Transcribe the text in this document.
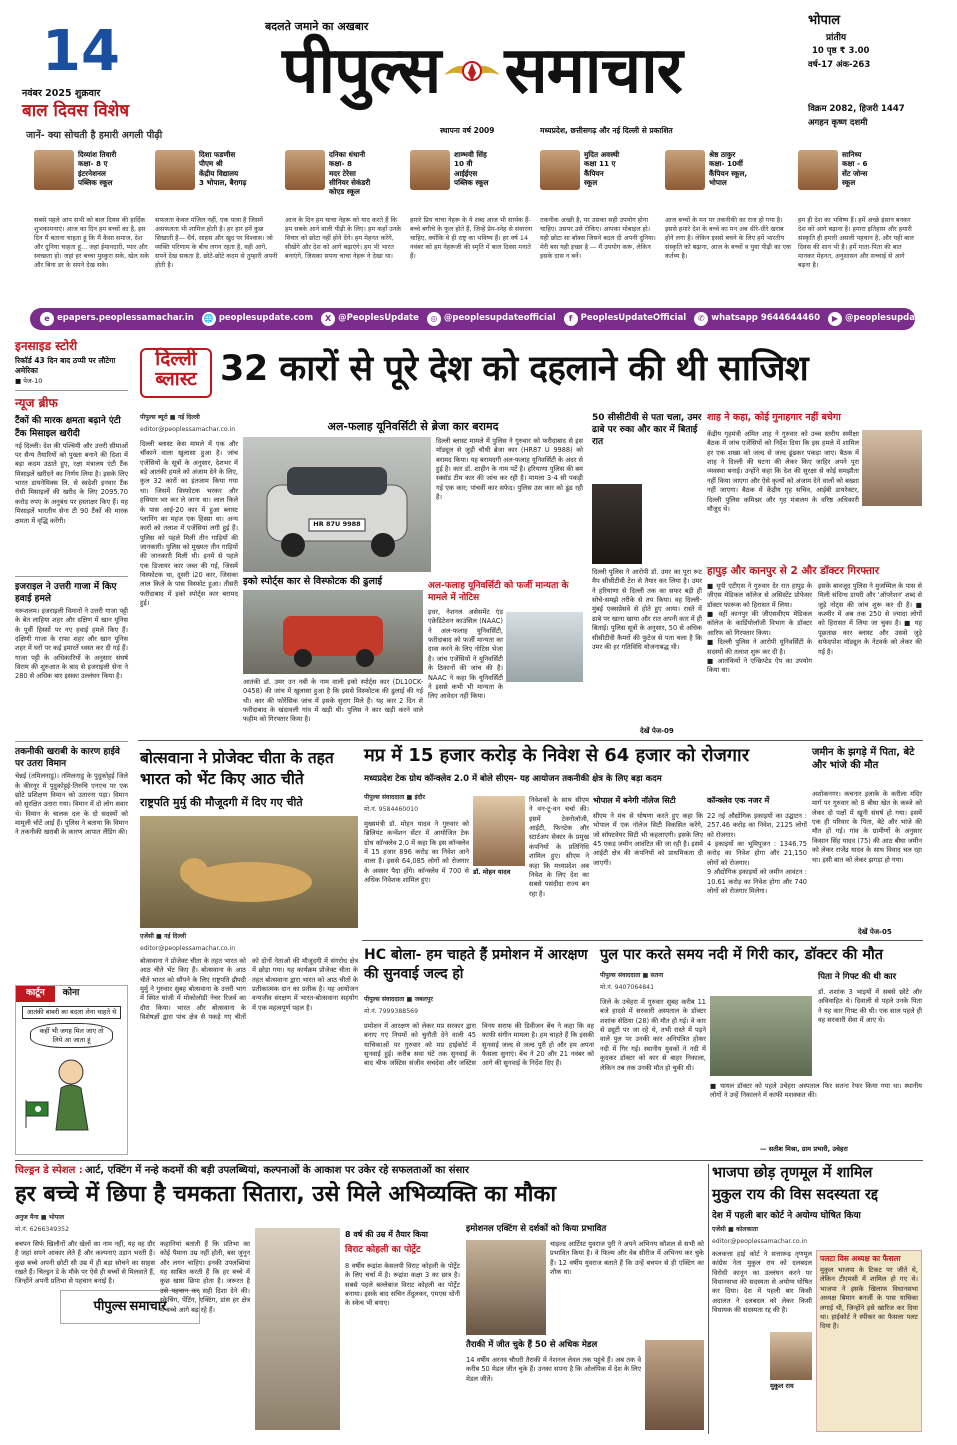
14
नवंबर 2025 शुक्रवार
बाल दिवस विशेष
जानें- क्या सोचती है हमारी अगली पीढ़ी
बदलते जमाने का अखबार
पीपुल्स समाचार
स्थापना वर्ष 2009	मध्यप्रदेश, छत्तीसगढ़ और नई दिल्ली से प्रकाशित
भोपाल
प्रांतीय
10 पृष्ठ ₹ 3.00
वर्ष-17 अंक-263
विक्रम 2082, हिजरी 1447
अगहन कृष्ण दशमी
दिव्यांश तिवारी
कक्षा- 8 ए
इंटरनेशनल
पब्लिक स्कूल
सबसे पहले आप सभी को बाल दिवस की हार्दिक शुभकामनाएं। आज का दिन हम बच्चों का है, इस दिन मैं बताना चाहता हूं कि मैं कैसा समाज, देश और दुनिया चाहता हूं... जहां ईमानदारी, प्यार और स्वच्छता हो। जहां हर बच्चा मुस्कुरा सके, खेल सके और बिना डर के सपने देख सके।
दिशा फडणीस
पीएम श्री
केंद्रीय विद्यालय
3 भोपाल, बैरागढ़
सफलता केवल मंजिल नहीं, एक यात्रा है जिसमें असफलता भी शामिल होती है। हर हार हमें कुछ सिखाती है— धैर्य, साहस और खुद पर विश्वास। जो व्यक्ति परिणाम के बीच लगन रहता है, वही आगे, सपने देख सकता है, छोटे-छोटे कदम से तुम्हारी अपनी होती है।
दनिका धंधानी
कक्षा- 8
मदर टेरेसा
सीनियर सेकंडरी
कोएड स्कूल
आज के दिन हम चाचा नेहरू को याद करते हैं कि हम सबके आने वाली पीढ़ी के लिए। हम कहाँ उनके विचार को छोटा नहीं होने देंगे। हम मेहनत करेंगे, सीखेंगे और देश को आगे बढ़ाएंगे। हम भी भारत बनाएंगे, जिसका सपना चाचा नेहरू ने देखा था।
शाम्भवी सिंह
10 वी
आईईएस
पब्लिक स्कूल
हमारे प्रिय चाचा नेहरू के ये शब्द आज भी सार्थक हैं- बच्चे बगीचे के फूल होते हैं, जिन्हें प्रेम-स्नेह से संवारना चाहिए, क्योंकि वे ही राष्ट्र का भविष्य हैं। हर वर्ष 14 नवंबर को हम नेहरूजी की स्मृति में बाल दिवस मनाते हैं।
मुदित अवस्थी
कक्षा 11 ए
कैंपियन
स्कूल
तकनीक अच्छी है, पर उसका सही उपयोग होना चाहिए। उसपर उसे रोकिए। आपका मोबाइल हो। यही छोटा सा बॉक्स जिसने बदल दी अपनी दुनिया। मेरी बस यही इच्छा है — मैं उपयोग करूं, लेकिन इसके दास न बनें।
श्रेष्ठ ठाकुर
कक्षा- 10वीं
कैंपियन स्कूल,
भोपाल
आज बच्चों के मन पर तकनीकी का राज हो गया है। इससे हमारे देश के बच्चे का मन अब धीरे-धीरे खराब होने लगा है। लेकिन इससे बचने के लिए हमें भारतीय संस्कृति को बढ़ाना, आज के बच्चों व युवा पीढ़ी का एक कर्तव्य है।
सानिध्य
कक्षा - 6
सेंट जोन्स
स्कूल
हम ही देश का भविष्य हैं। हमें अच्छे इंसान बनकर देश को आगे बढ़ाना है। हमारा इतिहास और हमारी संस्कृति ही हमारी असली पहचान है, और यही बाल दिवस की शान भी है। हमें माता-पिता की बात मानकर मेहनत, अनुशासन और सच्चाई से आगे बढ़ना है।
e epapers.peoplessamachar.in 🌐 peoplesupdate.com	X @PeoplesUpdate	◎ @peoplesupdateofficial	f PeoplesUpdateOfficial	✆ whatsapp 9644644460	▶ @peoplesupdateofficial
इनसाइड स्टोरी
रिकॉर्ड 43 दिन बाद ठप्पी पर लौटेगा अमेरिका
■ पेज-10
न्यूज ब्रीफ
टैंकों की मारक क्षमता बढ़ाने एंटी टैंक मिसाइल खरीदी
नई दिल्ली। देश की पश्चिमी और उत्तरी सीमाओं पर सैन्य तैयारियों को पुख्ता बनाने की दिशा में बड़ा कदम उठाते हुए, रक्षा मंत्रालय एंटी टैंक मिसाइलें खरीदने का निर्णय लिया है। इसके लिए भारत डायनेमिक्स लि. से स्वदेशी इनवार टैंक रोधी मिसाइलों की खरीद के लिए 2095.70 करोड़ रुपए के अनुबंध पर हस्ताक्षर किए हैं। यह मिसाइलें भारतीय सेना टी 90 टैंकों की मारक क्षमता में वृद्धि करेंगी।
इजराइल ने उत्तरी गाजा में किए हवाई हमले
यरूशलम। इजराइली विमानों ने उत्तरी गाजा पट्टी के बेत लाहिया शहर और दक्षिण में खान यूनिस के पूर्वी हिस्सों पर नए हवाई हमले किए हैं। दक्षिणी गाजा के राफा शहर और खान यूनिस शहर में घरों पर कई इमारतें ध्वस्त कर दी गई हैं। गाजा पट्टी के अधिकारियों के अनुसार संघर्ष विराम की शुरुआत के बाद से इजराइली सेना ने 280 से अधिक बार इसका उल्लंघन किया है।
तकनीकी खराबी के कारण हाईवे पर उतरा विमान
चेन्नई (तमिलनाडु)। तमिलनाडु के पुदुकोट्टई जिले के कीरनूर में पुदुकोट्टई-तिरुचि एनएच पर एक छोटे प्रशिक्षण विमान को उतारना पड़ा। विमान को सुरक्षित उतारा गया। विमान में दो लोग सवार थे। विमान के चालक दल के दो सदस्यों को मामूली चोटें आई हैं। पुलिस ने बताया कि विमान ने तकनीकी खराबी के कारण आपात लैंडिंग की।
कार्टून	कोना
आतंकी बाबरी का बदला लेना चाहते थे
कहीं भी जगह मिल जाए तो लिये आ जाता हूं
दिल्ली
ब्लास्ट 32 कारों से पूरे देश को दहलाने की थी साजिश
पीपुल्स ब्यूरो ■ नई दिल्ली
editor@peoplessamachar.co.in
दिल्ली ब्लास्ट केस मामले में एक और चौंकाने वाला खुलासा हुआ है। जांच एजेंसियों के सूत्रों के अनुसार, देशभर में बड़े आतंकी हमले को अंजाम देने के लिए, कुल 32 कारों का इंतजाम किया गया था। जिसमें विस्फोटक भरकर और हथियार भर कर ले जाना था। लाल किले के पास आई-20 कार में हुआ ब्लास्ट प्लानिंग का महज एक हिस्सा था। अन्य कारों को तलाश में एजेंसियां लगी हुई हैं। पुलिस को पहले मिली तीन गाड़ियों की जानकारी। पुलिस को मुख्यतः तीन गाड़ियों की जानकारी मिली थी। इनमें से पहले एक डिजायर कार जब्त की गई, जिसमें विस्फोटक था, दूसरी i20 कार, जिसका लाल किले के पास विस्फोट हुआ। तीसरी फरीदाबाद में इको स्पोर्ट्स कार बरामद हुई।
अल-फलाह यूनिवर्सिटी से ब्रेजा कार बरामद
HR 87U 9988
दिल्ली ब्लास्ट मामले में पुलिस ने गुरुवार को फरीदाबाद से इस मॉड्यूल से जुड़ी चौथी ब्रेजा कार (HR87 U 9988) को बरामद किया। यह बरामदगी अल-फलाह यूनिवर्सिटी के अंदर से हुई है। कार डॉ. शाहीन के नाम पर्टे है। हरियाणा पुलिस की बम स्क्वॉड टीम कार की जांच कर रही है। मामला 3-4 सी पकड़ी गई एक कार; पांचवीं कार सफेद। पुलिस उस कार को ढूंढ रही है।
इको स्पोर्ट्स कार से विस्फोटक की ढुलाई
आतंकी डॉ. उमर उन नबी के नाम वाली इको स्पोर्ट्स कार (DL10CK-0458) की जांच में खुलासा हुआ है कि इससे विस्फोटक की ढुलाई की गई थी। कार की फोरेंसिक जांच में इसके सुराग मिले हैं। यह कार 2 दिन से फरीदाबाद के खंदावली गांव में खड़ी थी। पुलिस ने कार खड़ी करने वाले फहीम को गिरफ्तार किया है।
अल-फलाह यूनिवर्सिटी को फर्जी मान्यता के मामले में नोटिस
इधर, नेशनल असेसमेंट एंड एक्रेडिटेशन काउंसिल (NAAC) ने अल-फलाह यूनिवर्सिटी, फरीदाबाद को फर्जी मान्यता का दावा करने के लिए नोटिस भेजा है। जांच एजेंसियों ने यूनिवर्सिटी के ठिकानों की जांच की है। NAAC ने कहा कि यूनिवर्सिटी ने इससे कभी भी मान्यता के लिए आवेदन नहीं किया।
50 सीसीटीवी से पता चला, उमर ढाबे पर रुका और कार में बिताई रात
दिल्ली पुलिस ने आरोपी डॉ. उमर का पूरा रूट मैप सीसीटीवी टेरा से तैयार कर लिया है। उमर ने हरियाणा से दिल्ली तक का सफर बड़ी ही सोचे-समझे तरीके से तय किया। वह दिल्ली-मुंबई एक्सप्रेसवे से होते हुए आया। रास्ते में ढाबे पर खाना खाया और रात अपनी कार में ही बिताई। पुलिस सूत्रों के अनुसार, 50 से अधिक सीसीटीवी कैमरों की फुटेज से पता चला है कि उमर की हर गतिविधि योजनाबद्ध थी।
देखें पेज-09
शाह ने कहा, कोई गुनाहगार नहीं बचेगा
केंद्रीय गृहमंत्री अमित शाह ने गुरुवार को उच्च स्तरीय समीक्षा बैठक में जांच एजेंसियों को निर्देश दिया कि इस हमले में शामिल हर एक शख्स को जल्द से जल्द ढूंढकर पकड़ा जाए। बैठक में शाह ने दिल्ली की घटना की लेकर किए जाहिर अपने पूरा व्यवस्था बनाई। उन्होंने कहा कि देश की सुरक्षा से कोई समझौता नहीं किया जाएगा और ऐसे कृत्यों को अंजाम देने वालों को बख्शा नहीं जाएगा। बैठक में केंद्रीय गृह सचिव, आईबी डायरेक्टर, दिल्ली पुलिस कमिश्नर और गृह मंत्रालय के वरिष्ठ अधिकारी मौजूद थे।
हापुड़ और कानपुर से 2 और डॉक्टर गिरफ्तार
■ यूपी एटीएस ने गुरुवार देर रात हापुड़ के जीएस मेडिकल कॉलेज से असिस्टेंट प्रोफेसर डॉक्टर फारूक को हिरासत में लिया।
■ वहीं कानपुर की जीएसवीएम मेडिकल कॉलेज के कार्डियोलॉजी विभाग के डॉक्टर आरिफ को गिरफ्तार किया।
■ दिल्ली पुलिस ने आरोपी यूनिवर्सिटी के सदस्यों की तलाश शुरू कर दी है।
■ आतंकियों ने एन्क्रिप्टेड ऐप का उपयोग किया था।
इसके बावजूद पुलिस ने मुजम्मिल के पास से मिली संदिग्ध डायरी और 'ऑपरेशन' शब्द से जुड़े नोट्स की जांच शुरू कर दी है। ■ कश्मीर में अब तक 250 से ज्यादा लोगों को हिरासत में लिया जा चुका है। ■ यह पूछताछ कार ब्लास्ट और उससे जुड़े सफेदपोश मॉड्यूल के नेटवर्क को लेकर की गई है।
बोत्सवाना ने प्रोजेक्ट चीता के तहत भारत को भेंट किए आठ चीते
राष्ट्रपति मुर्मु की मौजूदगी में दिए गए चीते
एजेंसी ■ नई दिल्ली
editor@peoplessamachar.co.in
बोत्सवाना ने प्रोजेक्ट चीता के तहत भारत को आठ चीते भेंट किए हैं। बोत्सवाना के आठ चीते भारत को सौंपने के लिए राष्ट्रपति द्रौपदी मुर्मु ने गुरुवार सुबह बोत्सवाना के उत्तरी भाग में स्थित घांजी में मोकोलोडी नेचर रिजर्व का दौरा किया। भारत और बोत्सवाना के विशेषज्ञों द्वारा पांच क्षेत्र से पकड़े गए चीतों को दोनों नेताओं की मौजूदगी में संगरोध क्षेत्र में छोड़ा गया। यह कार्यक्रम प्रोजेक्ट चीता के तहत बोत्सवाना द्वारा भारत को आठ चीतों के प्रतीकात्मक दान का प्रतीक है। यह आयोजन वन्यजीव संरक्षण में भारत-बोत्सवाना सहयोग में एक महत्वपूर्ण पहल है।
मप्र में 15 हजार करोड़ के निवेश से 64 हजार को रोजगार
मध्यप्रदेश टेक ग्रोथ कॉन्क्लेव 2.0 में बोले सीएम- यह आयोजन तकनीकी क्षेत्र के लिए बड़ा कदम
पीपुल्स संवाददाता ■ इंदौर
मो.नं. 9584460010
मुख्यमंत्री डॉ. मोहन यादव ने गुरुवार को ब्रिलियंट कन्वेंशन सेंटर में आयोजित टेक ग्रोथ कॉन्क्लेव 2.0 में कहा कि इस कॉन्क्लेव में 15 हजार 896 करोड़ का निवेश आने वाला है। इससे 64,085 लोगों को रोजगार के अवसर पैदा होंगे। कॉन्क्लेव में 700 से अधिक निवेशक शामिल हुए।
डॉ. मोहन यादव
निवेशकों के साथ सीएम ने वन-टू-वन चर्चा की। इसमें टेक्नोलॉजी, आईटी, फिनटेक और स्टार्टअप सेक्टर के प्रमुख कंपनियों के प्रतिनिधि शामिल हुए। सीएम ने कहा कि मध्यप्रदेश अब निवेश के लिए देश का सबसे पसंदीदा राज्य बन रहा है।
भोपाल में बनेगी नॉलेज सिटी
सीएम ने मंच से घोषणा करते हुए कहा कि भोपाल में एक नॉलेज सिटी विकसित करेंगे, जो सॉफ्टवेयर सिटी भी कहलाएगी। इसके लिए 45 एकड़ जमीन आवंटित की जा रही है। इसमें आईटी क्षेत्र की कंपनियों को प्राथमिकता दी जाएगी।
कॉन्क्लेव एक नजर में
22 नई औद्योगिक इकाइयों का उद्घाटन : 257.46 करोड़ का निवेश, 2125 लोगों को रोजगार।
4 इकाइयों का भूमिपूजन : 1346.75 करोड़ का निवेश होगा और 21,150 लोगों को रोजगार।
9 औद्योगिक इकाइयों को जमीन आवंटन : 10.61 करोड़ का निवेश होगा और 740 लोगों को रोजगार मिलेगा।
जमीन के झगड़े में पिता, बेटे और भांजे की मौत
अशोकनगर। कचनार इलाके के करीला मंदिर मार्ग पर गुरुवार को 8 बीघा खेत के कब्जे को लेकर दो पक्षों में खूनी संघर्ष हो गया। इसमें एक ही परिवार के पिता, बेटे और भांजे की मौत हो गई। गांव के ग्रामीणों के अनुसार किसान सिंह यादव (75) की आठ बीघा जमीन को लेकर राजेंद्र यादव के साथ विवाद चल रहा था। इसी बात को लेकर झगड़ा हो गया।
देखें पेज-05
HC बोला- हम चाहते हैं प्रमोशन में आरक्षण की सुनवाई जल्द हो
पीपुल्स संवाददाता ■ जबलपुर
मो.नं. 7999388569
प्रमोशन में आरक्षण को लेकर मप्र सरकार द्वारा बनाए गए नियमों को चुनौती देने वाली 45 याचिकाओं पर गुरुवार को मप्र हाईकोर्ट में सुनवाई हुई। करीब सवा घंटे तक सुनवाई के बाद चीफ जस्टिस संजीव सचदेवा और जस्टिस विनय सराफ की डिवीजन बेंच ने कहा कि वह काफी संगीन मामला है। हम चाहते हैं कि इसकी सुनवाई जल्द से जल्द पूरी हो और हम अपना फैसला सुनाएं। बेंच ने 20 और 21 नवंबर को आगे की सुनवाई के निर्देश दिए हैं।
पुल पार करते समय नदी में गिरी कार, डॉक्टर की मौत
पीपुल्स संवाददाता ■ सतना
मो.नं. 9407064841
जिले के उचेहरा में गुरुवार सुबह करीब 11 बजे हादसे में सरकारी अस्पताल के डॉक्टर शशांक सेठिया (28) की मौत हो गई। वे कार से ड्यूटी पर जा रहे थे, तभी रास्ते में पड़ने वाले पुल पर उनकी कार अनियंत्रित होकर नदी में गिर गई। स्थानीय युवकों ने नदी में कूदकर डॉक्टर को कार से बाहर निकाला, लेकिन तब तक उनकी मौत हो चुकी थी।
पिता ने गिफ्ट की थी कार
डॉ. शशांक 3 भाइयों में सबसे छोटे और अविवाहित थे। दिवाली से पहले उनके पिता ने यह कार गिफ्ट की थी। एक साल पहले ही वह सरकारी सेवा में आए थे।
■ घायल डॉक्टर को पहले उचेहरा अस्पताल फिर सतना रेफर किया गया था। स्थानीय लोगों ने उन्हें निकालने में काफी मशक्कत की।
— सतीश मिश्रा, ग्राम प्रभारी, उचेहरा
चिल्ड्रन डे स्पेशल : आर्ट, एक्टिंग में नन्हे कदमों की बड़ी उपलब्धियां, कल्पनाओं के आकाश पर उकेर रहे सफलताओं का संसार
हर बच्चे में छिपा है चमकता सितारा, उसे मिले अभिव्यक्ति का मौका
अनुज मैना ■ भोपाल
मो.नं. 6266349352
बचपन सिर्फ खिलौनों और खेलों का नाम नहीं, यह वह दौर है जहां सपने आकार लेते हैं और कल्पनाएं उड़ान भरती हैं। कुछ बच्चे अपनी छोटी सी उम्र में ही बड़ा सोचने का साहस रखते हैं। चिल्ड्रन डे के मौके पर ऐसे ही बच्चों से मिलवाते हैं, जिन्होंने अपनी प्रतिभा से पहचान बनाई है।
पीपुल्स समाचार
कहानियां बताती हैं कि प्रतिभा का कोई पैमाना उम्र नहीं होती, बस जुनून और लगन चाहिए। इनकी उपलब्धियां यह साबित करती हैं कि हर बच्चे में कुछ खास छिपा होता है। जरूरत है उसे पहचान कर सही दिशा देने की। स्केचिंग, पेंटिंग, एक्टिंग, डांस हर क्षेत्र में बच्चे आगे बढ़ रहे हैं।
8 वर्ष की उम्र में तैयार किया
विराट कोहली का पोर्ट्रेट
8 वर्षीय रूद्रांश केसलपी विराट कोहली के पोर्ट्रेट के लिए चर्चा में है। रूद्रांश कक्षा 3 का छात्र है। सबसे पहले बल्लेबाज विराट कोहली का पोर्ट्रेट बनाया। इसके बाद सचिन तेंदुलकर, एमएस धोनी के स्केच भी बनाए।
इमोशनल एक्टिंग से दर्शकों को किया प्रभावित
चाइल्ड आर्टिस्ट युवराज पुरी ने अपने अभिनय कौशल से सभी को प्रभावित किया है। वे फिल्म और वेब सीरीज में अभिनय कर चुके हैं। 12 वर्षीय युवराज बताते हैं कि उन्हें बचपन से ही एक्टिंग का शौक था।
तैराकी में जीत चुके हैं 50 से अधिक मेडल
14 वर्षीय अरनव चौधरी तैराकी में नेशनल लेवल तक पहुंचे हैं। अब तक वे करीब 50 मेडल जीत चुके हैं। उनका सपना है कि ओलंपिक में देश के लिए मेडल जीतें।
भाजपा छोड़ तृणमूल में शामिल
मुकुल राय की विस सदस्यता रद्द
देश में पहली बार कोर्ट ने अयोग्य घोषित किया
एजेंसी ■ कोलकाता
editor@peoplessamachar.co.in
कलकत्ता हाई कोर्ट ने सत्तारूढ़ तृणमूल कांग्रेस नेता मुकुल राय को दलबदल विरोधी कानून का उल्लंघन करने पर विधानसभा की सदस्यता से अयोग्य घोषित कर दिया। देश में पहली बार किसी अदालत ने दलबदल को लेकर किसी विधायक की सदस्यता रद्द की है।
पलटा विस अध्यक्ष का फैसला
मुकुल भाजपा के टिकट पर जीते थे, लेकिन टीएमसी में शामिल हो गए थे। भाजपा ने इसके खिलाफ विधानसभा अध्यक्ष बिमान बनर्जी के पास याचिका लगाई थी, जिन्होंने इसे खारिज कर दिया था। हाईकोर्ट ने स्पीकर का फैसला पलट दिया है।
मुकुल राय
